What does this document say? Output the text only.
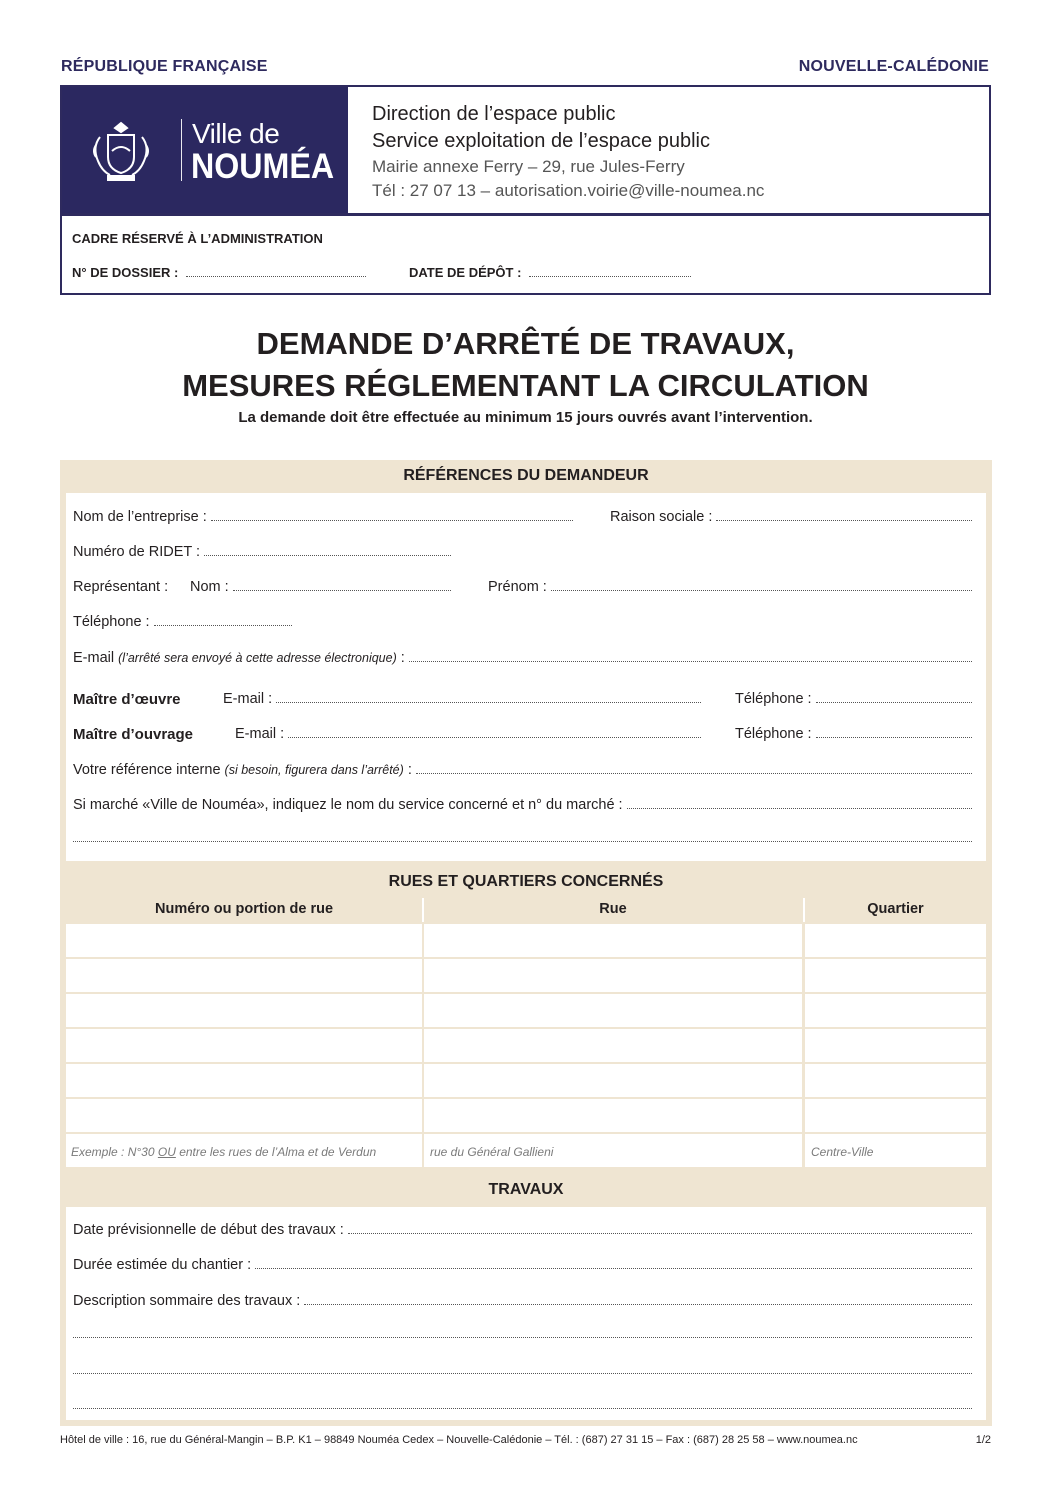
RÉPUBLIQUE FRANÇAISE	NOUVELLE-CALÉDONIE
Ville de
NOUMÉA
Direction de l’espace public
Service exploitation de l’espace public
Mairie annexe Ferry – 29, rue Jules-Ferry
Tél : 27 07 13 – autorisation.voirie@ville-noumea.nc
CADRE RÉSERVÉ À L’ADMINISTRATION
N° DE DOSSIER :	DATE DE DÉPÔT :
DEMANDE D’ARRÊTÉ DE TRAVAUX,
MESURES RÉGLEMENTANT LA CIRCULATION
La demande doit être effectuée au minimum 15 jours ouvrés avant l’intervention.
RÉFÉRENCES DU DEMANDEUR
RUES ET QUARTIERS CONCERNÉS
TRAVAUX
Nom de l’entreprise :	Raison sociale :
Numéro de RIDET :
Représentant : Nom :	Prénom :
Téléphone :
E-mail
(l’arrêté sera envoyé à cette adresse électronique)
:
Maître d’œuvre	E-mail :	Téléphone :
Maître d’ouvrage	E-mail :	Téléphone :
Votre référence interne
(si besoin, figurera dans l’arrêté)
:
Si marché «Ville de Nouméa», indiquez le nom du service concerné et n° du marché :
Numéro ou portion de rue	Rue	Quartier
Exemple : N°30 OU entre les rues de l’Alma et de Verdun	rue du Général Gallieni	Centre-Ville
Date prévisionnelle de début des travaux :
Durée estimée du chantier :
Description sommaire des travaux :
Hôtel de ville : 16, rue du Général-Mangin – B.P. K1 – 98849 Nouméa Cedex – Nouvelle-Calédonie – Tél. : (687) 27 31 15 – Fax : (687) 28 25 58 – www.noumea.nc	1/2
